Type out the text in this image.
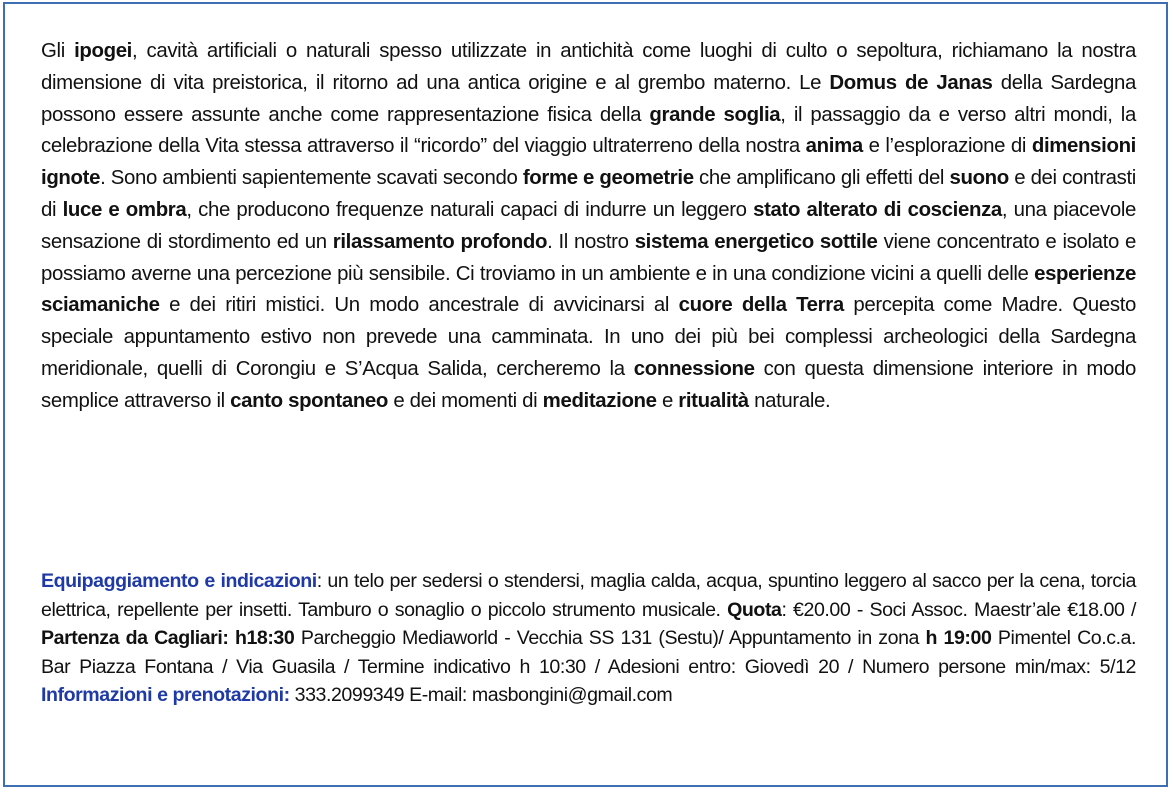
Gli ipogei, cavità artificiali o naturali spesso utilizzate in antichità come luoghi di culto o sepoltura, richiamano la nostra dimensione di vita preistorica, il ritorno ad una antica origine e al grembo materno. Le Domus de Janas della Sardegna possono essere assunte anche come rappresentazione fisica della grande soglia, il passaggio da e verso altri mondi, la celebrazione della Vita stessa attraverso il “ricordo” del viaggio ultraterreno della nostra anima e l’esplorazione di dimensioni ignote. Sono ambienti sapientemente scavati secondo forme e geometrie che amplificano gli effetti del suono e dei contrasti di luce e ombra, che producono frequenze naturali capaci di indurre un leggero stato alterato di coscienza, una piacevole sensazione di stordimento ed un rilassamento profondo. Il nostro sistema energetico sottile viene concentrato e isolato e possiamo averne una percezione più sensibile. Ci troviamo in un ambiente e in una condizione vicini a quelli delle esperienze sciamaniche e dei ritiri mistici. Un modo ancestrale di avvicinarsi al cuore della Terra percepita come Madre. Questo speciale appuntamento estivo non prevede una camminata. In uno dei più bei complessi archeologici della Sardegna meridionale, quelli di Corongiu e S’Acqua Salida, cercheremo la connessione con questa dimensione interiore in modo semplice attraverso il canto spontaneo e dei momenti di meditazione e ritualità naturale.

Equipaggiamento e indicazioni: un telo per sedersi o stendersi, maglia calda, acqua, spuntino leggero al sacco per la cena, torcia elettrica, repellente per insetti. Tamburo o sonaglio o piccolo strumento musicale. Quota: €20.00 - Soci Assoc. Maestr’ale €18.00 / Partenza da Cagliari: h18:30 Parcheggio Mediaworld - Vecchia SS 131 (Sestu)/ Appuntamento in zona h 19:00 Pimentel Co.c.a. Bar Piazza Fontana / Via Guasila / Termine indicativo h 10:30 / Adesioni entro: Giovedì 20 / Numero persone min/max: 5/12 Informazioni e prenotazioni: 333.2099349 E-mail: masbongini@gmail.com
